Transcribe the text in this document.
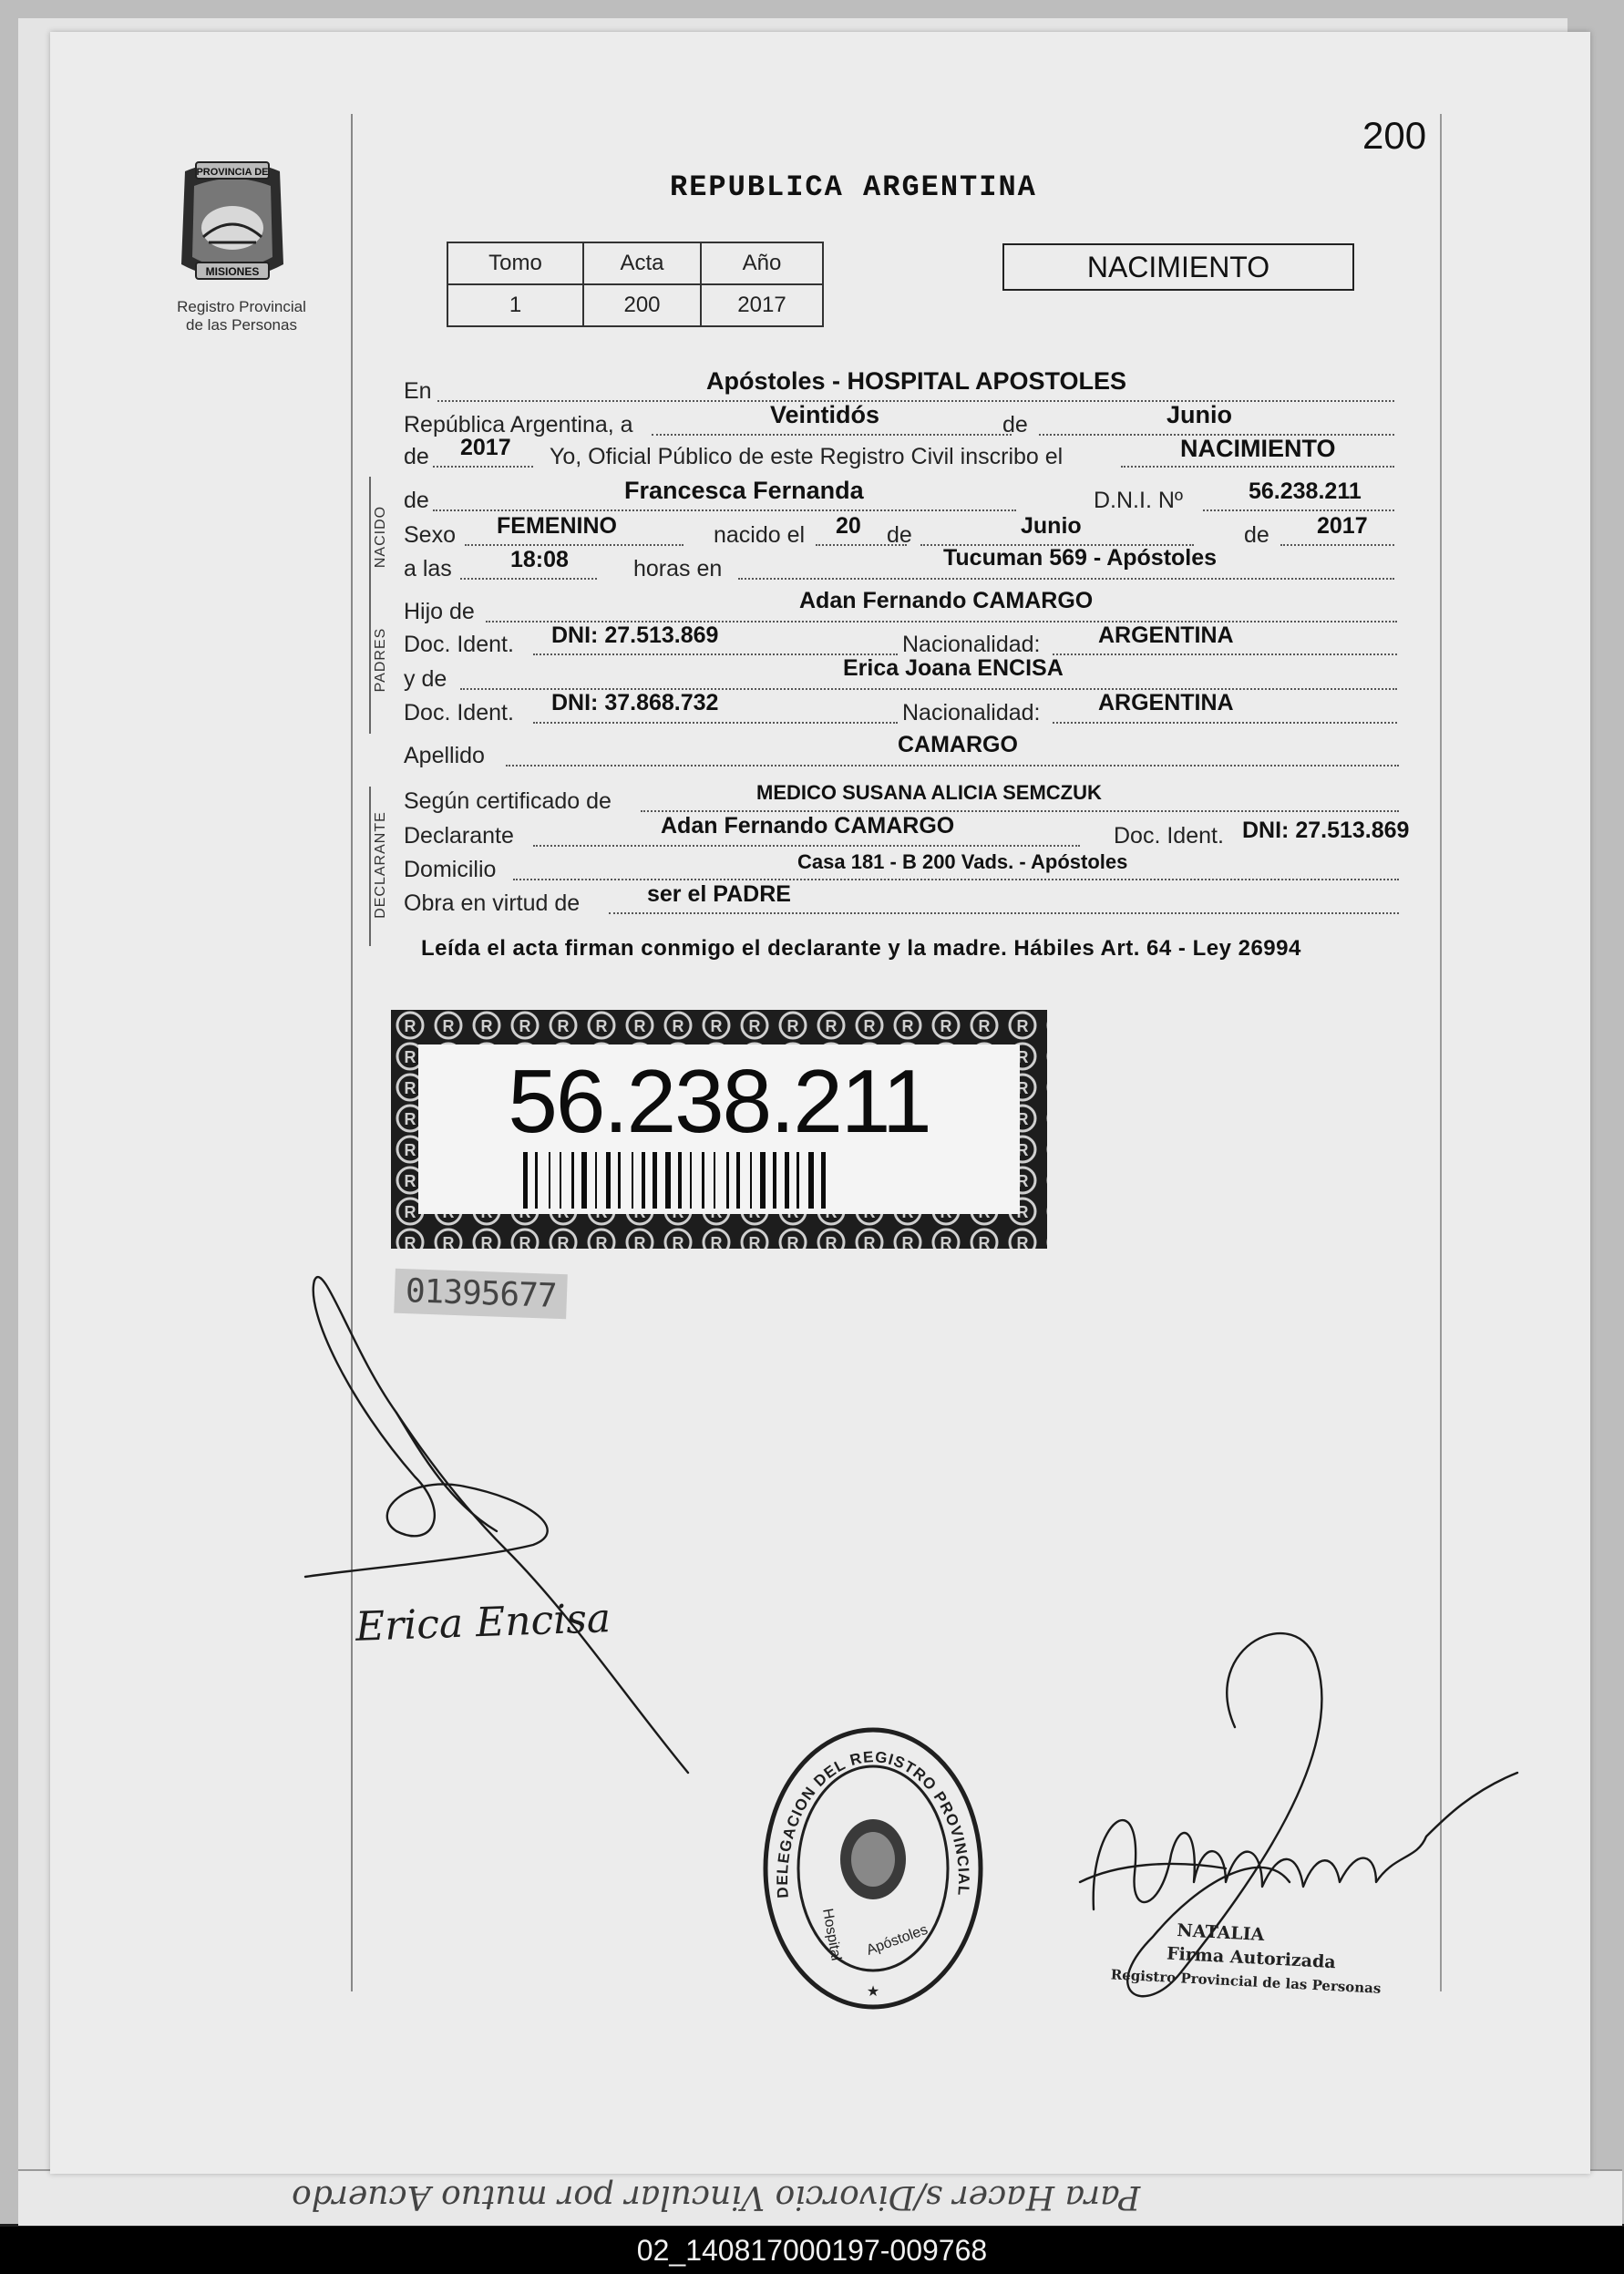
Para Hacer s/Divorcio Vincular por mutuo Acuerdo
200
PROVINCIA DE
MISIONES
Registro Provincial
de las Personas
REPUBLICA ARGENTINA
Tomo	Acta	Año
1	200	2017
NACIMIENTO
En	Apóstoles - HOSPITAL APOSTOLES
República Argentina, a	Veintidós	de	Junio
de 2017 Yo, Oficial Público de este Registro Civil inscribo el	NACIMIENTO
NACIDO
de	Francesca Fernanda	D.N.I. Nº	56.238.211
Sexo FEMENINO	nacido el 20 de	Junio	de 2017
a las	18:08	horas en	Tucuman 569 - Apóstoles
PADRES
Hijo de	Adan Fernando CAMARGO
Doc. Ident. DNI: 27.513.869	Nacionalidad:	ARGENTINA
y de	Erica Joana ENCISA
Doc. Ident. DNI: 37.868.732	Nacionalidad:	ARGENTINA
Apellido	CAMARGO
DECLARANTE
Según certificado de	MEDICO SUSANA ALICIA SEMCZUK
Declarante	Adan Fernando CAMARGO	Doc. Ident. DNI: 27.513.869
Domicilio	Casa 181 - B 200 Vads. - Apóstoles
Obra en virtud de	ser el PADRE
Leída el acta firman conmigo el declarante y la madre. Hábiles Art. 64 - Ley 26994
56.238.211
01395677
Erica Encisa
DELEGACION DEL REGISTRO PROVINCIAL
Hospital Apóstoles
★
NATALIA
Firma Autorizada
Registro Provincial de las Personas
02_140817000197-009768
